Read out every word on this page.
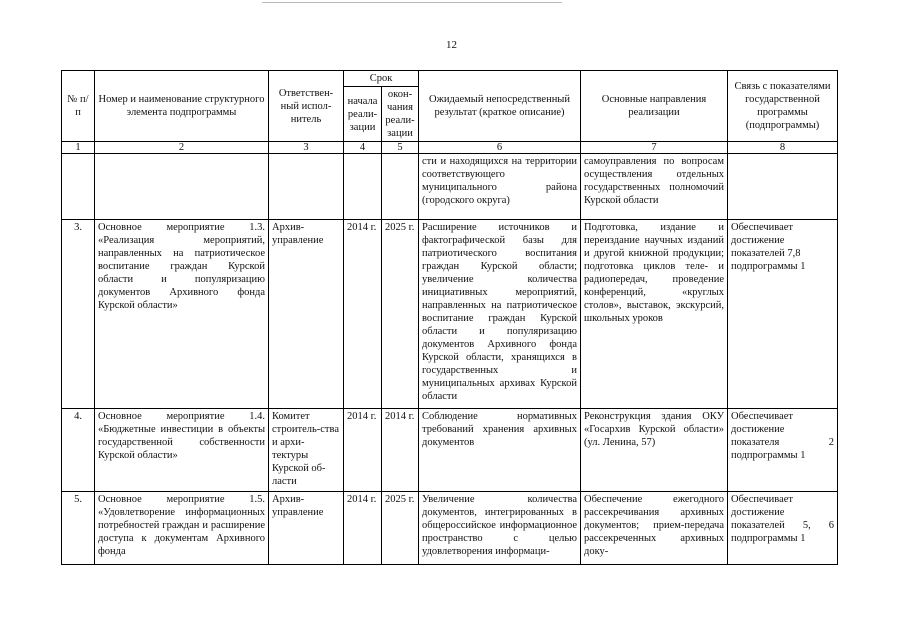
12
№ п/п	Номер и наименование структурного элемента подпрограммы	Ответствен-ный испол-нитель	Срок		Ожидаемый непосредственный результат (краткое описание)	Основные направления реализации	Связь с показателями государственной программы (подпрограммы)
			начала реали-зации	окон-чания реали-зации			
1	2	3	4	5	6	7	8
					сти и находящихся на территории соответствующего муниципального района (городского округа)	самоуправления по вопросам осуществления отдельных государственных полномочий Курской области	
3.	Основное мероприятие 1.3. «Реализация мероприятий, направленных на патриотическое воспитание граждан Курской области и популяризацию документов Архивного фонда Курской области»	Архив-управление	2014 г.	2025 г.	Расширение источников и фактографической базы для патриотического воспитания граждан Курской области; увеличение количества инициативных мероприятий, направленных на патриотическое воспитание граждан Курской области и популяризацию документов Архивного фонда Курской области, хранящихся в государственных и муниципальных архивах Курской области	Подготовка, издание и переиздание научных изданий и другой книжной продукции; подготовка циклов теле- и радиопередач, проведение конференций, «круглых столов», выставок, экскурсий, школьных уроков	Обеспечивает достижение показателей 7,8 подпрограммы 1
4.	Основное мероприятие 1.4. «Бюджетные инвестиции в объекты государственной собственности Курской области»	Комитет строитель-ства и архи-тектуры Курской об-ласти	2014 г.	2014 г.	Соблюдение нормативных требований хранения архивных документов	Реконструкция здания ОКУ «Госархив Курской области» (ул. Ленина, 57)	Обеспечивает достижение показателя 2 подпрограммы 1
5.	Основное мероприятие 1.5. «Удовлетворение информационных потребностей граждан и расширение доступа к документам Архивного фонда	Архив-управление	2014 г.	2025 г.	Увеличение количества документов, интегрированных в общероссийское информационное пространство с целью удовлетворения информаци-	Обеспечение ежегодного рассекречивания архивных документов; прием-передача рассекреченных архивных доку-	Обеспечивает достижение показателей 5, 6 подпрограммы 1
